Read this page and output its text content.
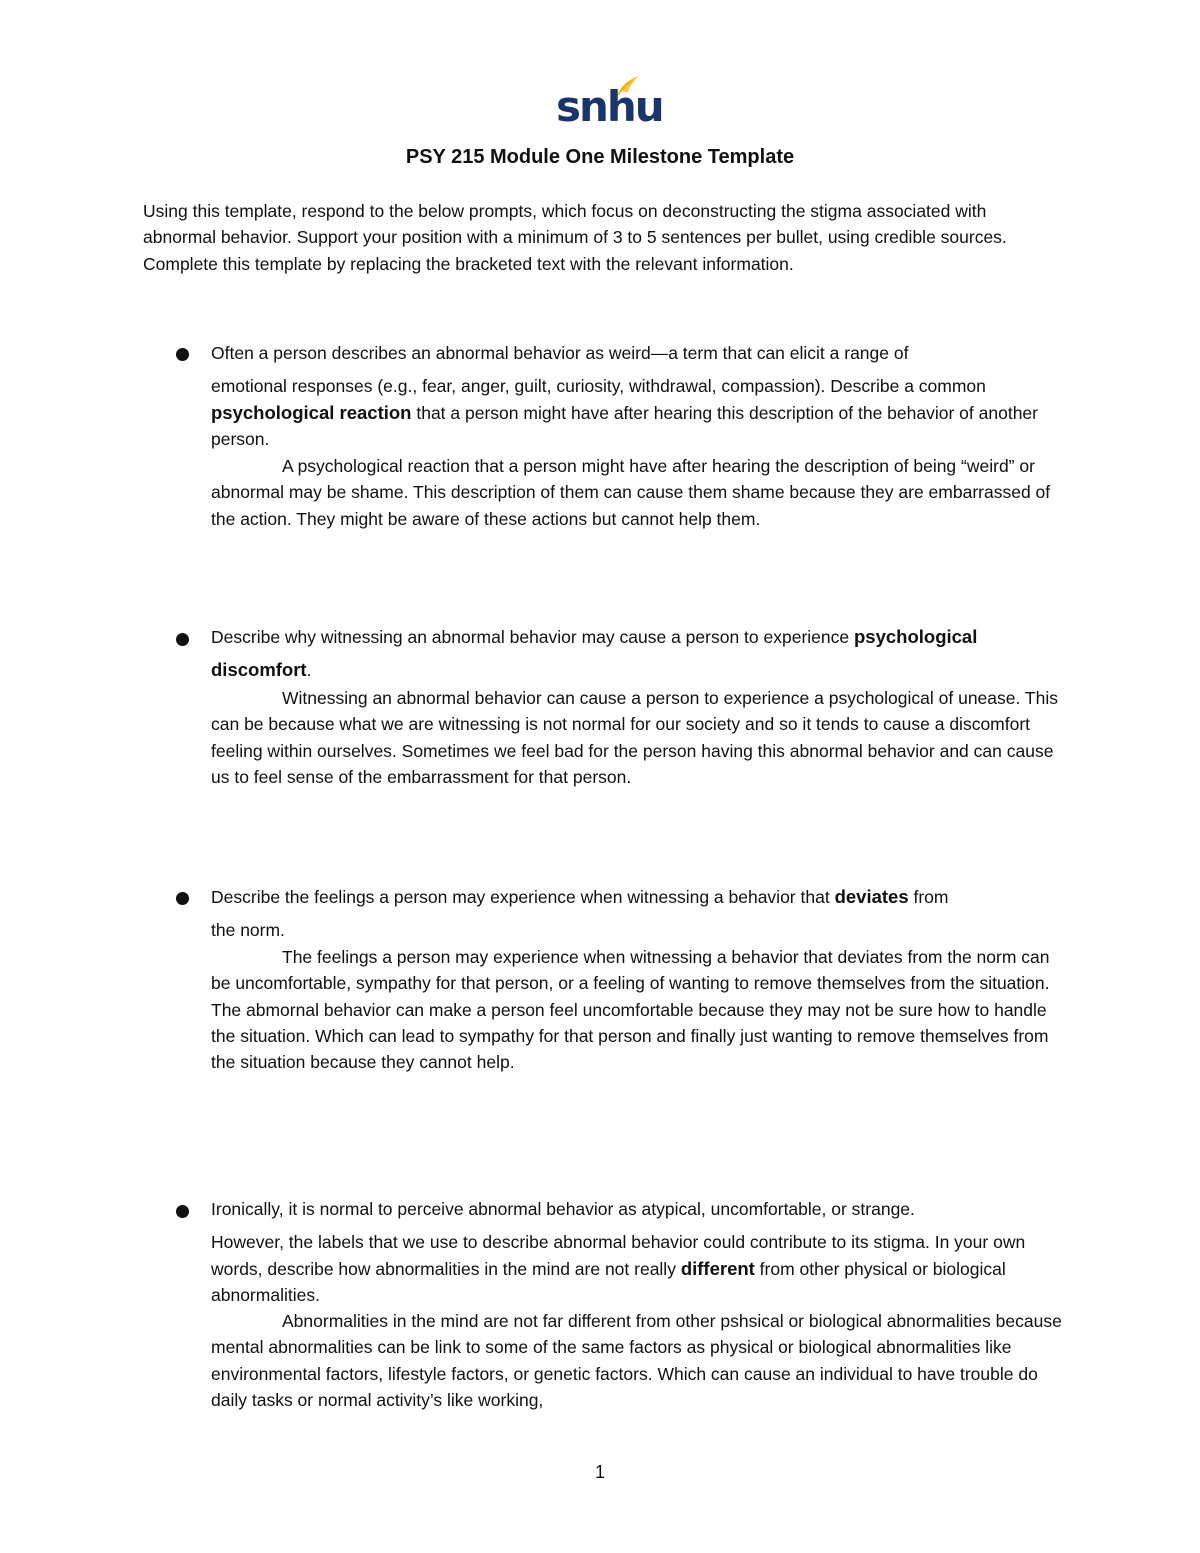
snhu
PSY 215 Module One Milestone Template

Using this template, respond to the below prompts, which focus on deconstructing the stigma associated with abnormal behavior. Support your position with a minimum of 3 to 5 sentences per bullet, using credible sources. Complete this template by replacing the bracketed text with the relevant information.

Often a person describes an abnormal behavior as weird—a term that can elicit a range of
emotional responses (e.g., fear, anger, guilt, curiosity, withdrawal, compassion). Describe a common psychological reaction that a person might have after hearing this description of the behavior of another person.

A psychological reaction that a person might have after hearing the description of being “weird” or abnormal may be shame. This description of them can cause them shame because they are embarrassed of the action. They might be aware of these actions but cannot help them.

Describe why witnessing an abnormal behavior may cause a person to experience psychological
discomfort.

Witnessing an abnormal behavior can cause a person to experience a psychological of unease. This can be because what we are witnessing is not normal for our society and so it tends to cause a discomfort feeling within ourselves. Sometimes we feel bad for the person having this abnormal behavior and can cause us to feel sense of the embarrassment for that person.

Describe the feelings a person may experience when witnessing a behavior that deviates from
the norm.

The feelings a person may experience when witnessing a behavior that deviates from the norm can be uncomfortable, sympathy for that person, or a feeling of wanting to remove themselves from the situation. The abmornal behavior can make a person feel uncomfortable because they may not be sure how to handle the situation. Which can lead to sympathy for that person and finally just wanting to remove themselves from the situation because they cannot help.

Ironically, it is normal to perceive abnormal behavior as atypical, uncomfortable, or strange.
However, the labels that we use to describe abnormal behavior could contribute to its stigma. In your own words, describe how abnormalities in the mind are not really different from other physical or biological abnormalities.

Abnormalities in the mind are not far different from other pshsical or biological abnormalities because mental abnormalities can be link to some of the same factors as physical or biological abnormalities like environmental factors, lifestyle factors, or genetic factors. Which can cause an individual to have trouble do daily tasks or normal activity’s like working,

1
